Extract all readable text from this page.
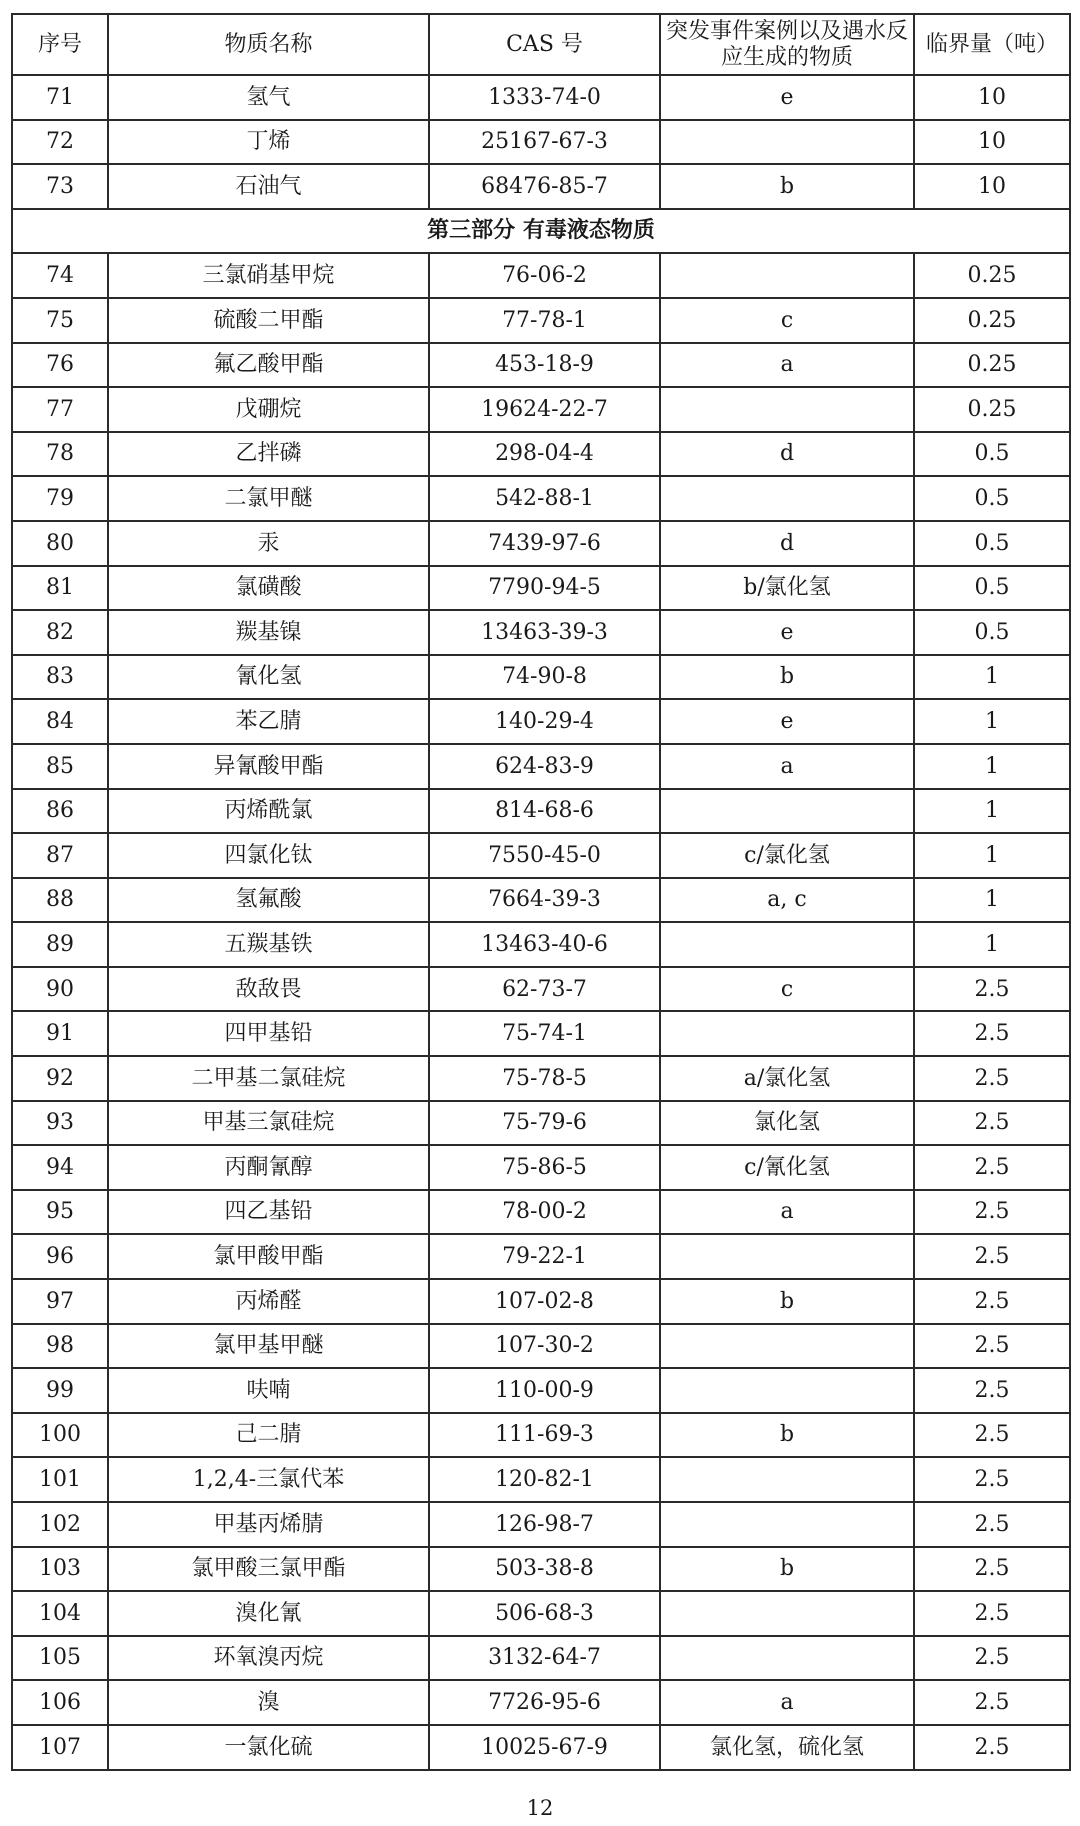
序号	物质名称	CAS 号	突发事件案例以及遇水反应生成的物质	临界量（吨）
71	氢气	1333-74-0	e	10
72	丁烯	25167-67-3		10
73	石油气	68476-85-7	b	10
第三部分 有毒液态物质				
74	三氯硝基甲烷	76-06-2		0.25
75	硫酸二甲酯	77-78-1	c	0.25
76	氟乙酸甲酯	453-18-9	a	0.25
77	戊硼烷	19624-22-7		0.25
78	乙拌磷	298-04-4	d	0.5
79	二氯甲醚	542-88-1		0.5
80	汞	7439-97-6	d	0.5
81	氯磺酸	7790-94-5	b/氯化氢	0.5
82	羰基镍	13463-39-3	e	0.5
83	氰化氢	74-90-8	b	1
84	苯乙腈	140-29-4	e	1
85	异氰酸甲酯	624-83-9	a	1
86	丙烯酰氯	814-68-6		1
87	四氯化钛	7550-45-0	c/氯化氢	1
88	氢氟酸	7664-39-3	a, c	1
89	五羰基铁	13463-40-6		1
90	敌敌畏	62-73-7	c	2.5
91	四甲基铅	75-74-1		2.5
92	二甲基二氯硅烷	75-78-5	a/氯化氢	2.5
93	甲基三氯硅烷	75-79-6	氯化氢	2.5
94	丙酮氰醇	75-86-5	c/氰化氢	2.5
95	四乙基铅	78-00-2	a	2.5
96	氯甲酸甲酯	79-22-1		2.5
97	丙烯醛	107-02-8	b	2.5
98	氯甲基甲醚	107-30-2		2.5
99	呋喃	110-00-9		2.5
100	己二腈	111-69-3	b	2.5
101	1,2,4-三氯代苯	120-82-1		2.5
102	甲基丙烯腈	126-98-7		2.5
103	氯甲酸三氯甲酯	503-38-8	b	2.5
104	溴化氰	506-68-3		2.5
105	环氧溴丙烷	3132-64-7		2.5
106	溴	7726-95-6	a	2.5
107	一氯化硫	10025-67-9	氯化氢，硫化氢	2.5
12
